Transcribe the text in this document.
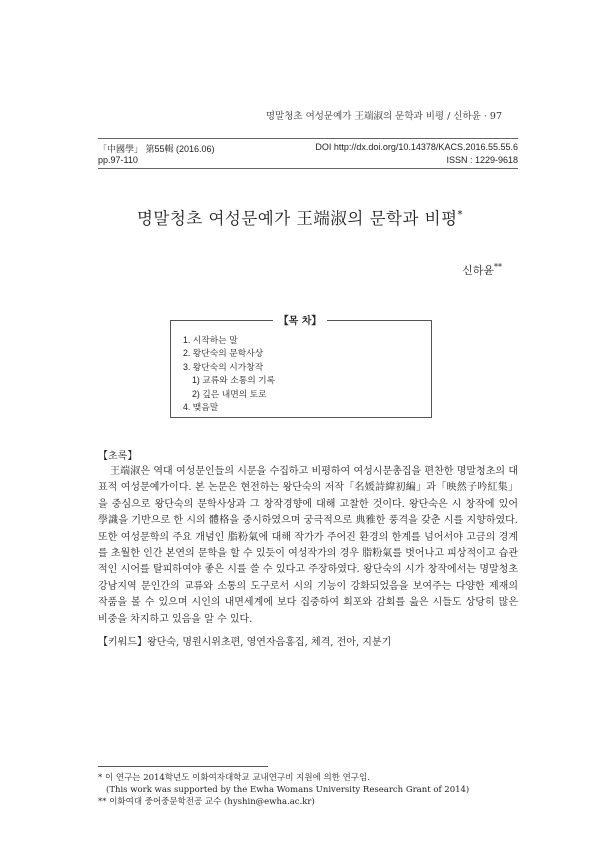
명말청초 여성문예가 王端淑의 문학과 비평 / 신하윤 · 97
「中國學」 第55輯 (2016.06)	DOI http://dx.doi.org/10.14378/KACS.2016.55.55.6
pp.97-110	ISSN : 1229-9618
명말청초 여성문예가 王端淑의 문학과 비평*
신하윤**
【목 차】
1. 시작하는 말
2. 왕단숙의 문학사상
3. 왕단숙의 시가창작
1) 교류와 소통의 기록
2) 깊은 내면의 토로
4. 맺음말
【초록】

王端淑은 역대 여성문인들의 시문을 수집하고 비평하여 여성시문총집을 편찬한 명말청초의 대표적 여성문예가이다. 본 논문은 현전하는 왕단숙의 저작「名媛詩緯初編」과「映然子吟紅集」을 중심으로 왕단숙의 문학사상과 그 창작경향에 대해 고찰한 것이다. 왕단숙은 시 창작에 있어 學識을 기반으로 한 시의 體格을 중시하였으며 궁극적으로 典雅한 풍격을 갖춘 시를 지향하였다. 또한 여성문학의 주요 개념인 脂粉氣에 대해 작가가 주어진 환경의 한계를 넘어서야 고금의 경계를 초월한 인간 본연의 문학을 할 수 있듯이 여성작가의 경우 脂粉氣를 벗어나고 피상적이고 습관적인 시어를 탈피하여야 좋은 시를 쓸 수 있다고 주장하였다. 왕단숙의 시가 창작에서는 명말청초 강남지역 문인간의 교류와 소통의 도구로서 시의 기능이 강화되었음을 보여주는 다양한 제재의 작품을 볼 수 있으며 시인의 내면세계에 보다 집중하여 회포와 감회를 읊은 시들도 상당히 많은 비중을 차지하고 있음을 알 수 있다.

【키워드】왕단숙, 명원시위초편, 영연자음홍집, 체격, 전아, 지분기
* 이 연구는 2014학년도 이화여자대학교 교내연구비 지원에 의한 연구임.
(This work was supported by the Ewha Womans University Research Grant of 2014)
** 이화여대 중어중문학전공 교수 (hyshin@ewha.ac.kr)
